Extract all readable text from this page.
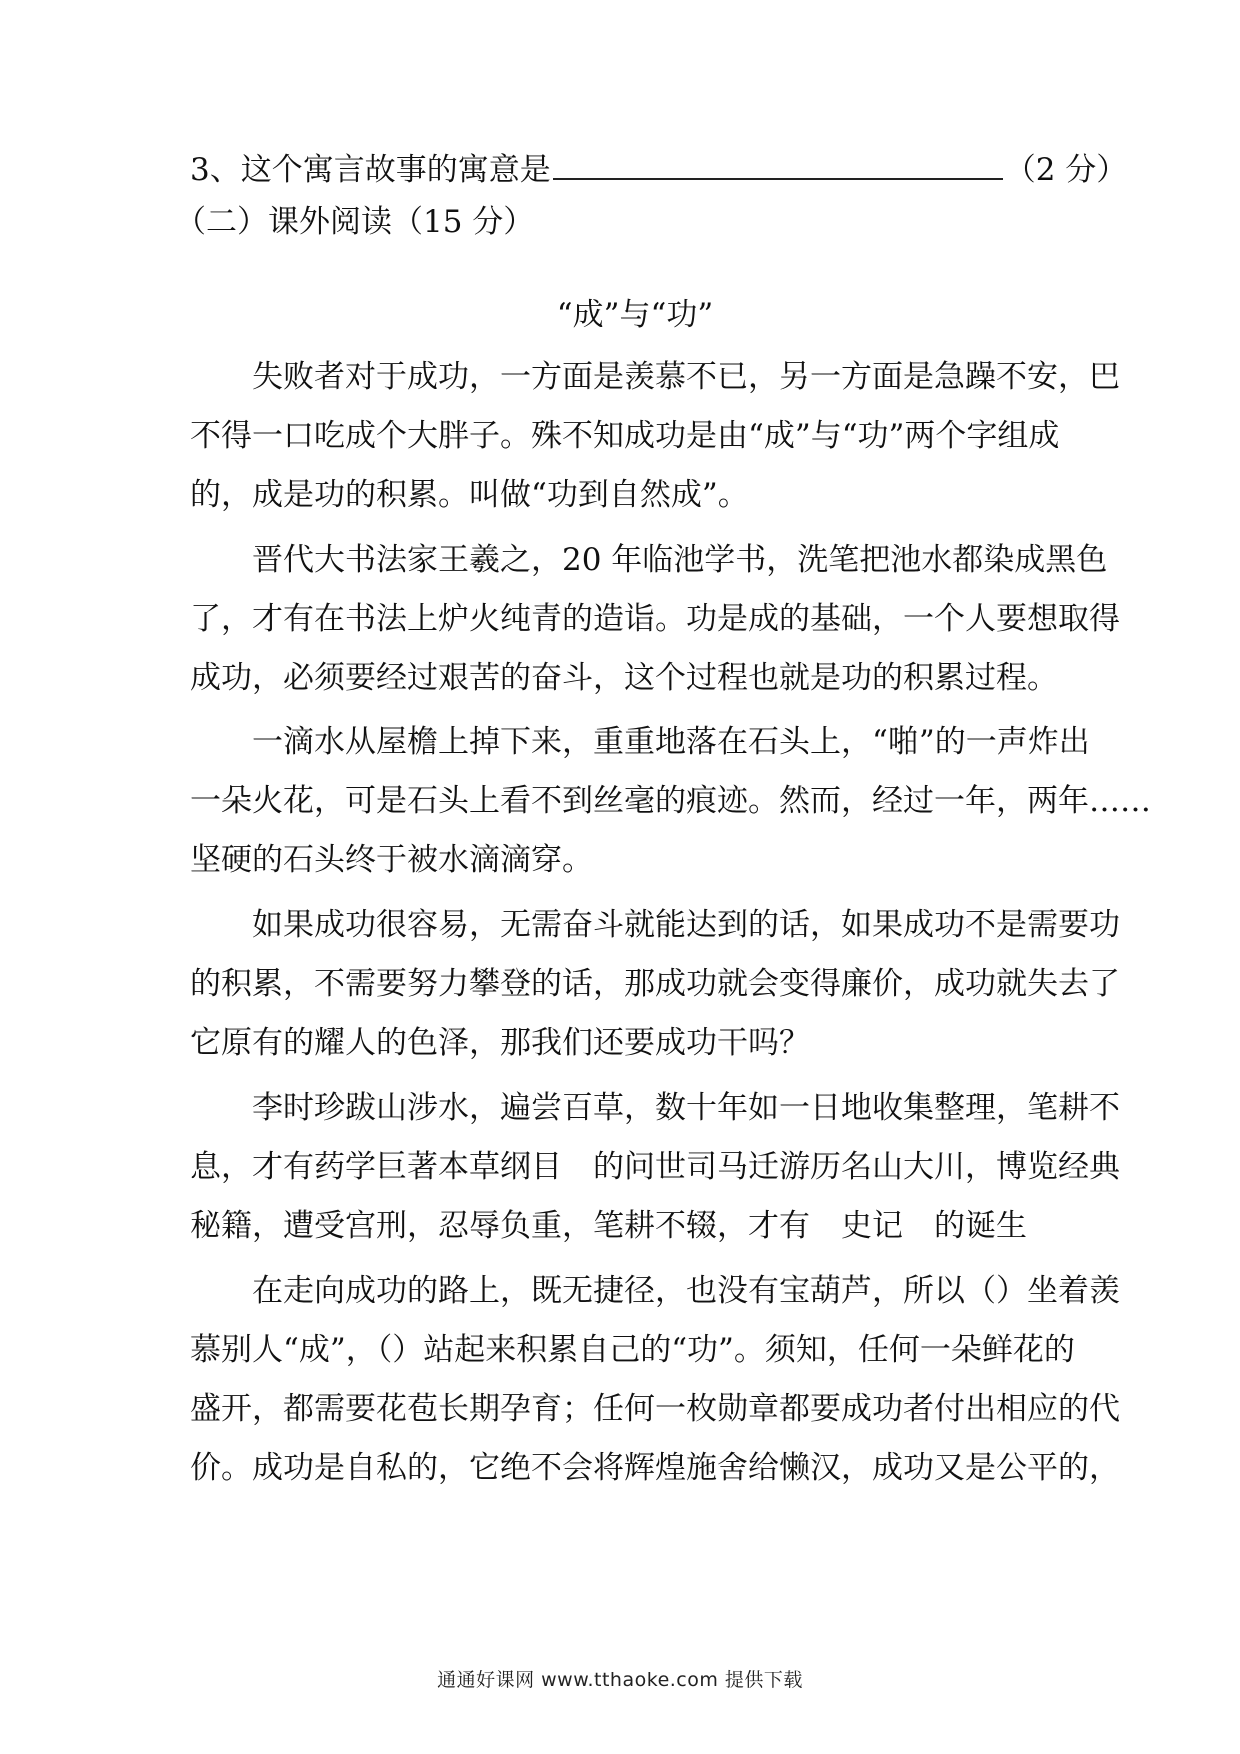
3、这个寓言故事的寓意是	（2 分）
（二）课外阅读（15 分）
“成”与“功”
　　失败者对于成功，一方面是羡慕不已，另一方面是急躁不安，巴
不得一口吃成个大胖子。殊不知成功是由“成”与“功”两个字组成
的，成是功的积累。叫做“功到自然成”。
　　晋代大书法家王羲之，20 年临池学书，洗笔把池水都染成黑色
了，才有在书法上炉火纯青的造诣。功是成的基础，一个人要想取得
成功，必须要经过艰苦的奋斗，这个过程也就是功的积累过程。
　　一滴水从屋檐上掉下来，重重地落在石头上，“啪”的一声炸出
一朵火花，可是石头上看不到丝毫的痕迹。然而，经过一年，两年……
坚硬的石头终于被水滴滴穿。
　　如果成功很容易，无需奋斗就能达到的话，如果成功不是需要功
的积累，不需要努力攀登的话，那成功就会变得廉价，成功就失去了
它原有的耀人的色泽，那我们还要成功干吗？
　　李时珍跋山涉水，遍尝百草，数十年如一日地收集整理，笔耕不
息，才有药学巨著本草纲目　的问世司马迁游历名山大川，博览经典
秘籍，遭受宫刑，忍辱负重，笔耕不辍，才有　史记　的诞生
　　在走向成功的路上，既无捷径，也没有宝葫芦，所以（）坐着羡
慕别人“成”，（）站起来积累自己的“功”。须知，任何一朵鲜花的
盛开，都需要花苞长期孕育；任何一枚勋章都要成功者付出相应的代
价。成功是自私的，它绝不会将辉煌施舍给懒汉，成功又是公平的，
通通好课网 www.tthaoke.com 提供下载
